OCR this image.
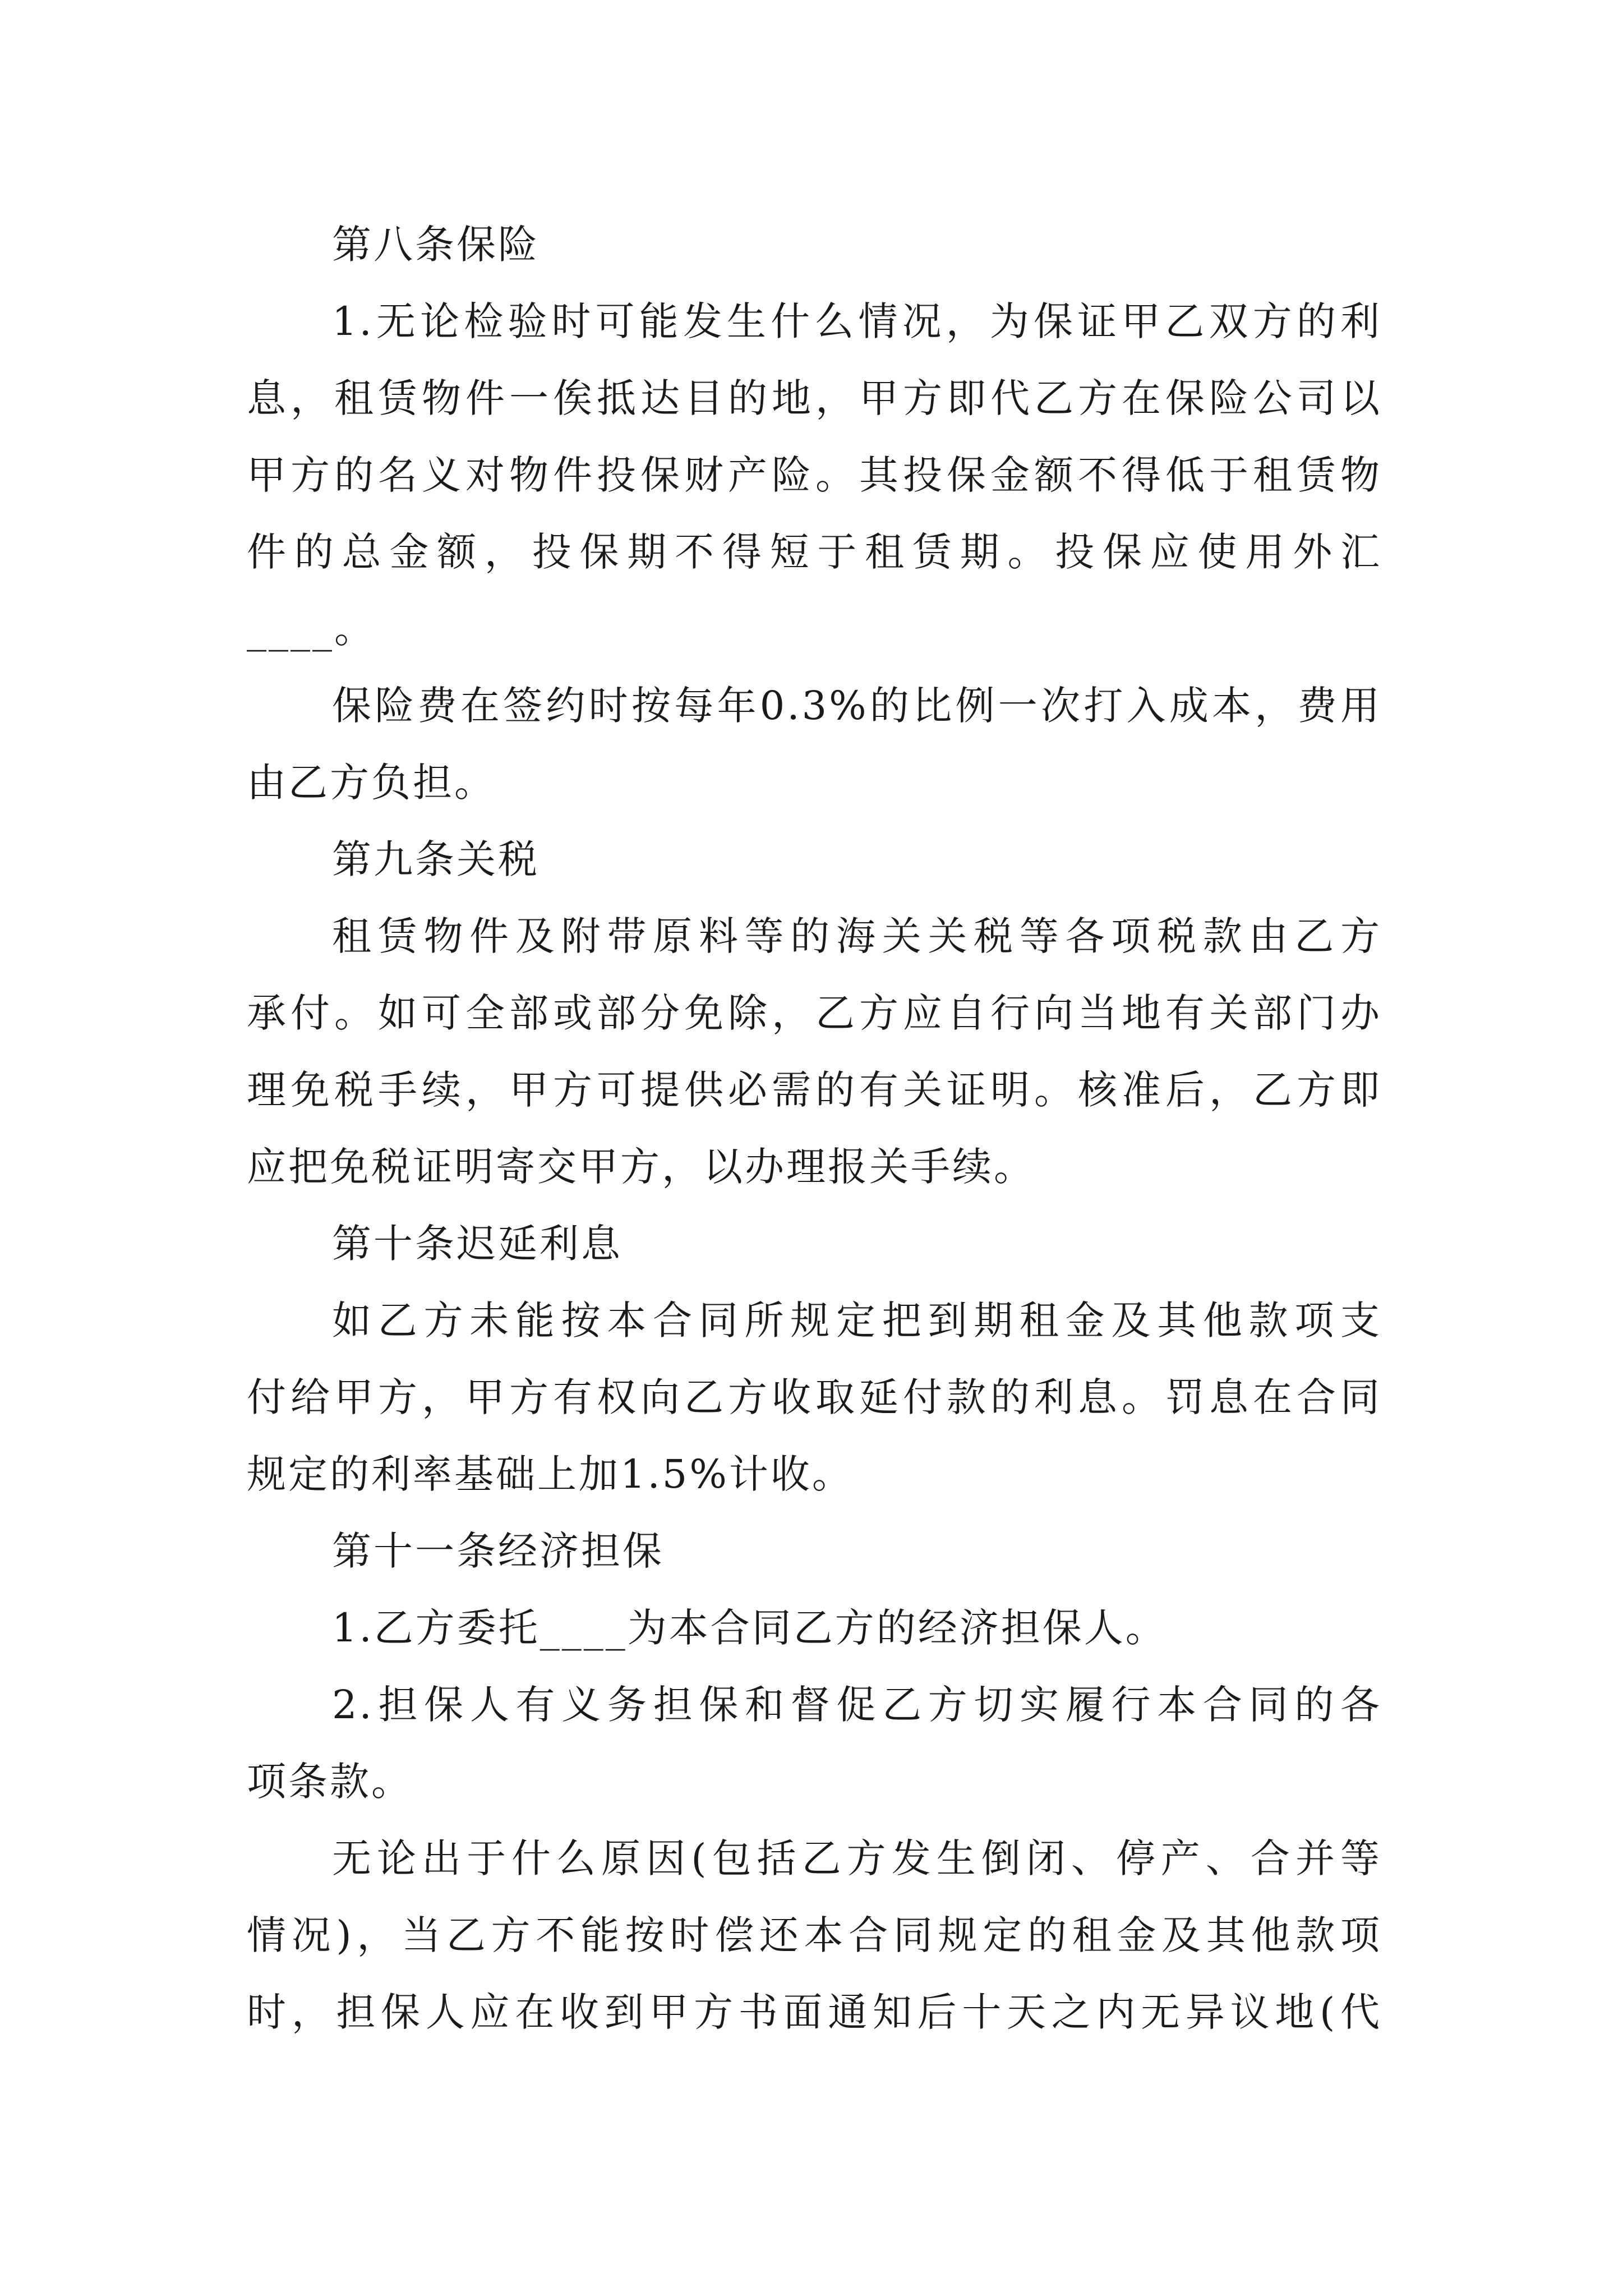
第八条保险

1.无论检验时可能发生什么情况，为保证甲乙双方的利

息，租赁物件一俟抵达目的地，甲方即代乙方在保险公司以

甲方的名义对物件投保财产险。其投保金额不得低于租赁物

件的总金额，投保期不得短于租赁期。投保应使用外汇

____。

保险费在签约时按每年0.3%的比例一次打入成本，费用

由乙方负担。

第九条关税

租赁物件及附带原料等的海关关税等各项税款由乙方

承付。如可全部或部分免除，乙方应自行向当地有关部门办

理免税手续，甲方可提供必需的有关证明。核准后，乙方即

应把免税证明寄交甲方，以办理报关手续。

第十条迟延利息

如乙方未能按本合同所规定把到期租金及其他款项支

付给甲方，甲方有权向乙方收取延付款的利息。罚息在合同

规定的利率基础上加1.5%计收。

第十一条经济担保

1.乙方委托____为本合同乙方的经济担保人。

2.担保人有义务担保和督促乙方切实履行本合同的各

项条款。

无论出于什么原因(包括乙方发生倒闭、停产、合并等

情况)，当乙方不能按时偿还本合同规定的租金及其他款项

时，担保人应在收到甲方书面通知后十天之内无异议地(代
